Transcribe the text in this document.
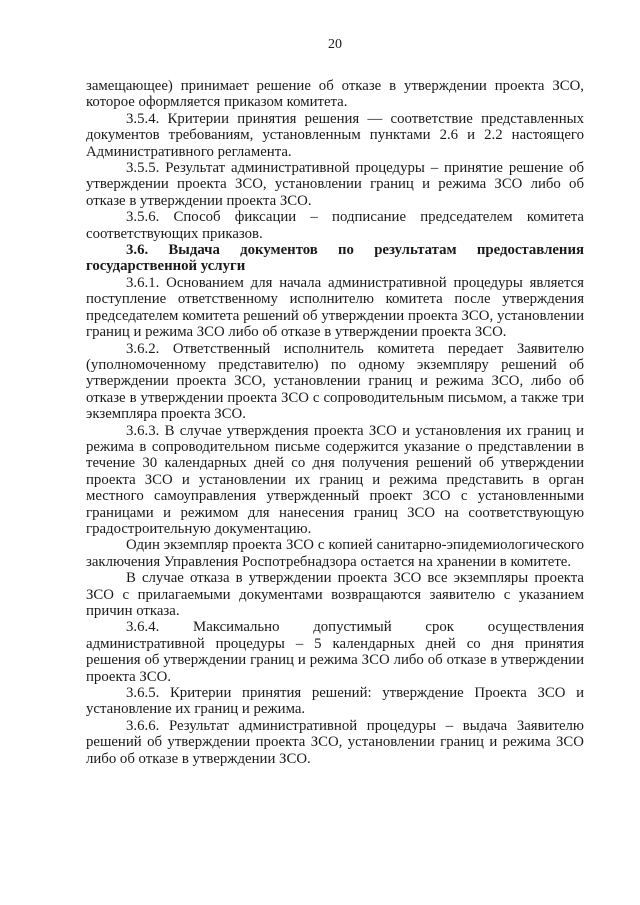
20

замещающее) принимает решение об отказе в утверждении проекта ЗСО, которое оформляется приказом комитета.

3.5.4. Критерии принятия решения — соответствие представленных документов требованиям, установленным пунктами 2.6 и 2.2 настоящего Административного регламента.

3.5.5. Результат административной процедуры – принятие решение об утверждении проекта ЗСО, установлении границ и режима ЗСО либо об отказе в утверждении проекта ЗСО.

3.5.6. Способ фиксации – подписание председателем комитета соответствующих приказов.

3.6. Выдача документов по результатам предоставления государственной услуги

3.6.1. Основанием для начала административной процедуры является поступление ответственному исполнителю комитета после утверждения председателем комитета решений об утверждении проекта ЗСО, установлении границ и режима ЗСО либо об отказе в утверждении проекта ЗСО.

3.6.2. Ответственный исполнитель комитета передает Заявителю (уполномоченному представителю) по одному экземпляру решений об утверждении проекта ЗСО, установлении границ и режима ЗСО, либо об отказе в утверждении проекта ЗСО с сопроводительным письмом, а также три экземпляра проекта ЗСО.

3.6.3. В случае утверждения проекта ЗСО и установления их границ и режима в сопроводительном письме содержится указание о представлении в течение 30 календарных дней со дня получения решений об утверждении проекта ЗСО и установлении их границ и режима представить в орган местного самоуправления утвержденный проект ЗСО с установленными границами и режимом для нанесения границ ЗСО на соответствующую градостроительную документацию.

Один экземпляр проекта ЗСО с копией санитарно-эпидемиологического заключения Управления Роспотребнадзора остается на хранении в комитете.

В случае отказа в утверждении проекта ЗСО все экземпляры проекта ЗСО с прилагаемыми документами возвращаются заявителю с указанием причин отказа.

3.6.4. Максимально допустимый срок осуществления административной процедуры – 5 календарных дней со дня принятия решения об утверждении границ и режима ЗСО либо об отказе в утверждении проекта ЗСО.

3.6.5. Критерии принятия решений: утверждение Проекта ЗСО и установление их границ и режима.

3.6.6. Результат административной процедуры – выдача Заявителю решений об утверждении проекта ЗСО, установлении границ и режима ЗСО либо об отказе в утверждении ЗСО.
